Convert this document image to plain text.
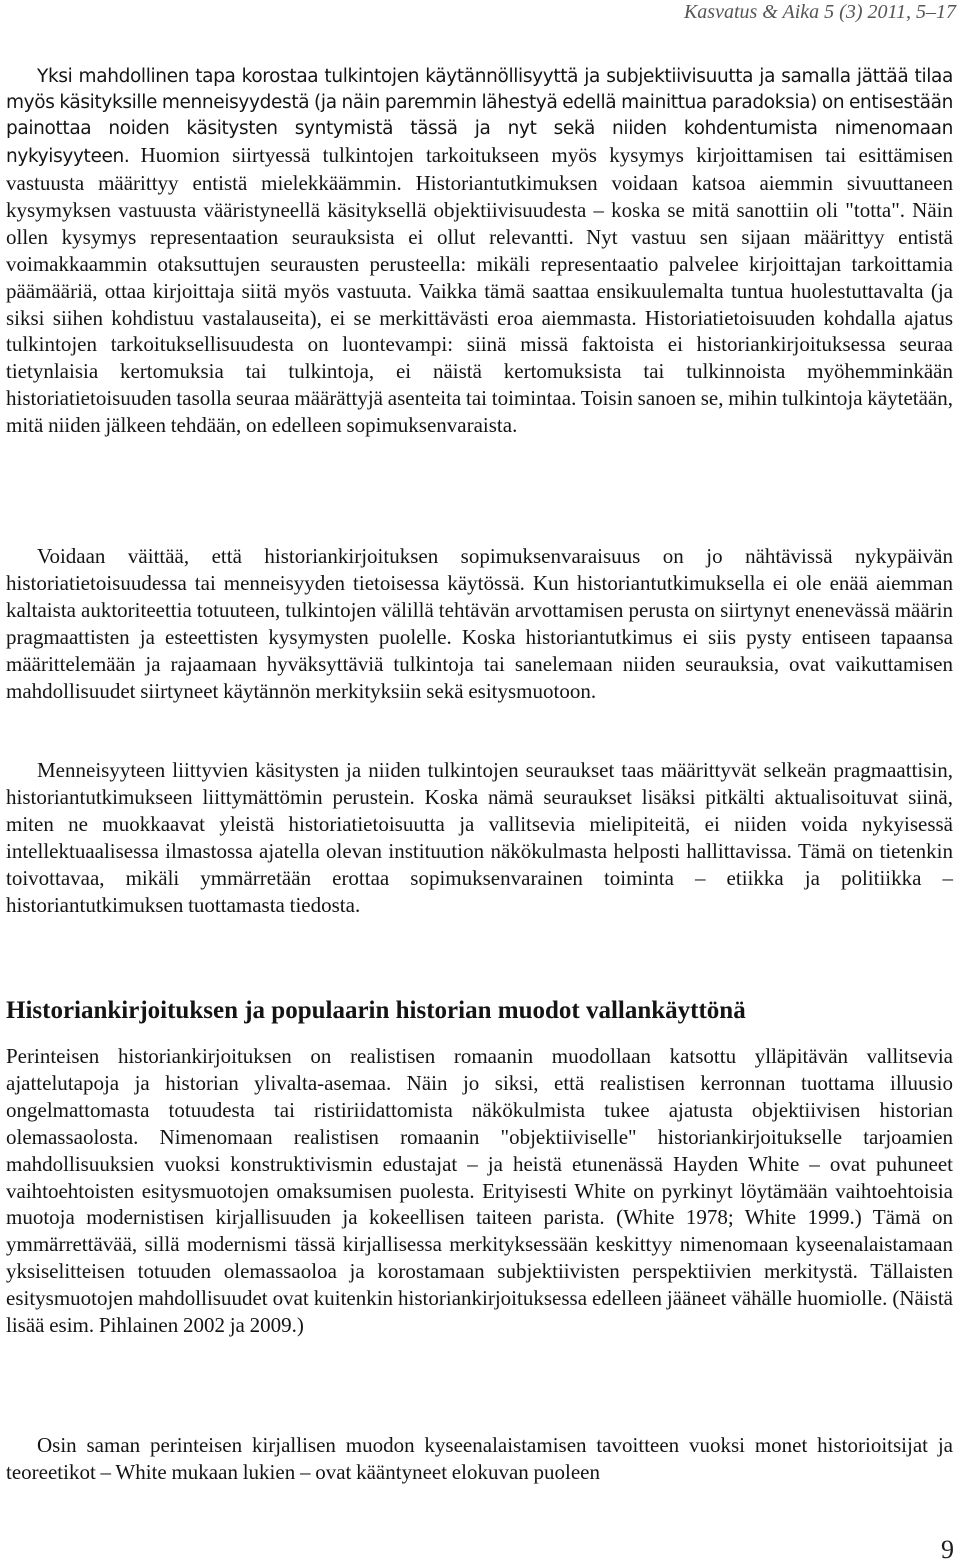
Kasvatus & Aika 5 (3) 2011, 5–17

Yksi mahdollinen tapa korostaa tulkintojen käytännöllisyyttä ja subjektiivisuutta ja samalla jättää tilaa myös käsityksille menneisyydestä (ja näin paremmin lähestyä edellä mainittua paradoksia) on entisestään painottaa noiden käsitysten syntymistä tässä ja nyt sekä niiden kohdentumista nimenomaan nykyisyyteen. Huomion siirtyessä tulkintojen tarkoitukseen myös kysymys kirjoittamisen tai esittämisen vastuusta määrittyy entistä mielekkäämmin. Historiantutkimuksen voidaan katsoa aiemmin sivuuttaneen kysymyksen vastuusta vääristyneellä käsityksellä objektiivisuudesta – koska se mitä sanottiin oli "totta". Näin ollen kysymys representaation seurauksista ei ollut relevantti. Nyt vastuu sen sijaan määrittyy entistä voimakkaammin otaksuttujen seurausten perusteella: mikäli representaatio palvelee kirjoittajan tarkoittamia päämääriä, ottaa kirjoittaja siitä myös vastuuta. Vaikka tämä saattaa ensikuulemalta tuntua huolestuttavalta (ja siksi siihen kohdistuu vastalauseita), ei se merkittävästi eroa aiemmasta. Historiatietoisuuden kohdalla ajatus tulkintojen tarkoituksellisuudesta on luontevampi: siinä missä faktoista ei historiankirjoituksessa seuraa tietynlaisia kertomuksia tai tulkintoja, ei näistä kertomuksista tai tulkinnoista myöhemminkään historiatietoisuuden tasolla seuraa määrättyjä asenteita tai toimintaa. Toisin sanoen se, mihin tulkintoja käytetään, mitä niiden jälkeen tehdään, on edelleen sopimuksenvaraista.

Voidaan väittää, että historiankirjoituksen sopimuksenvaraisuus on jo nähtävissä nykypäivän historiatietoisuudessa tai menneisyyden tietoisessa käytössä. Kun historiantutkimuksella ei ole enää aiemman kaltaista auktoriteettia totuuteen, tulkintojen välillä tehtävän arvottamisen perusta on siirtynyt enenevässä määrin pragmaattisten ja esteettisten kysymysten puolelle. Koska historiantutkimus ei siis pysty entiseen tapaansa määrittelemään ja rajaamaan hyväksyttäviä tulkintoja tai sanelemaan niiden seurauksia, ovat vaikuttamisen mahdollisuudet siirtyneet käytännön merkityksiin sekä esitysmuotoon.

Menneisyyteen liittyvien käsitysten ja niiden tulkintojen seuraukset taas määrittyvät selkeän pragmaattisin, historiantutkimukseen liittymättömin perustein. Koska nämä seuraukset lisäksi pitkälti aktualisoituvat siinä, miten ne muokkaavat yleistä historiatietoisuutta ja vallitsevia mielipiteitä, ei niiden voida nykyisessä intellektuaalisessa ilmastossa ajatella olevan instituution näkökulmasta helposti hallittavissa. Tämä on tietenkin toivottavaa, mikäli ymmärretään erottaa sopimuksenvarainen toiminta – etiikka ja politiikka – historiantutkimuksen tuottamasta tiedosta.

Historiankirjoituksen ja populaarin historian muodot vallankäyttönä

Perinteisen historiankirjoituksen on realistisen romaanin muodollaan katsottu ylläpitävän vallitsevia ajattelutapoja ja historian ylivalta-asemaa. Näin jo siksi, että realistisen kerronnan tuottama illuusio ongelmattomasta totuudesta tai ristiriidattomista näkökulmista tukee ajatusta objektiivisen historian olemassaolosta. Nimenomaan realistisen romaanin "objektiiviselle" historiankirjoitukselle tarjoamien mahdollisuuksien vuoksi konstruktivismin edustajat – ja heistä etunenässä Hayden White – ovat puhuneet vaihtoehtoisten esitysmuotojen omaksumisen puolesta. Erityisesti White on pyrkinyt löytämään vaihtoehtoisia muotoja modernistisen kirjallisuuden ja kokeellisen taiteen parista. (White 1978; White 1999.) Tämä on ymmärrettävää, sillä modernismi tässä kirjallisessa merkityksessään keskittyy nimenomaan kyseenalaistamaan yksiselitteisen totuuden olemassaoloa ja korostamaan subjektiivisten perspektiivien merkitystä. Tällaisten esitysmuotojen mahdollisuudet ovat kuitenkin historiankirjoituksessa edelleen jääneet vähälle huomiolle. (Näistä lisää esim. Pihlainen 2002 ja 2009.)

Osin saman perinteisen kirjallisen muodon kyseenalaistamisen tavoitteen vuoksi monet historioitsijat ja teoreetikot – White mukaan lukien – ovat kääntyneet elokuvan puoleen

9
